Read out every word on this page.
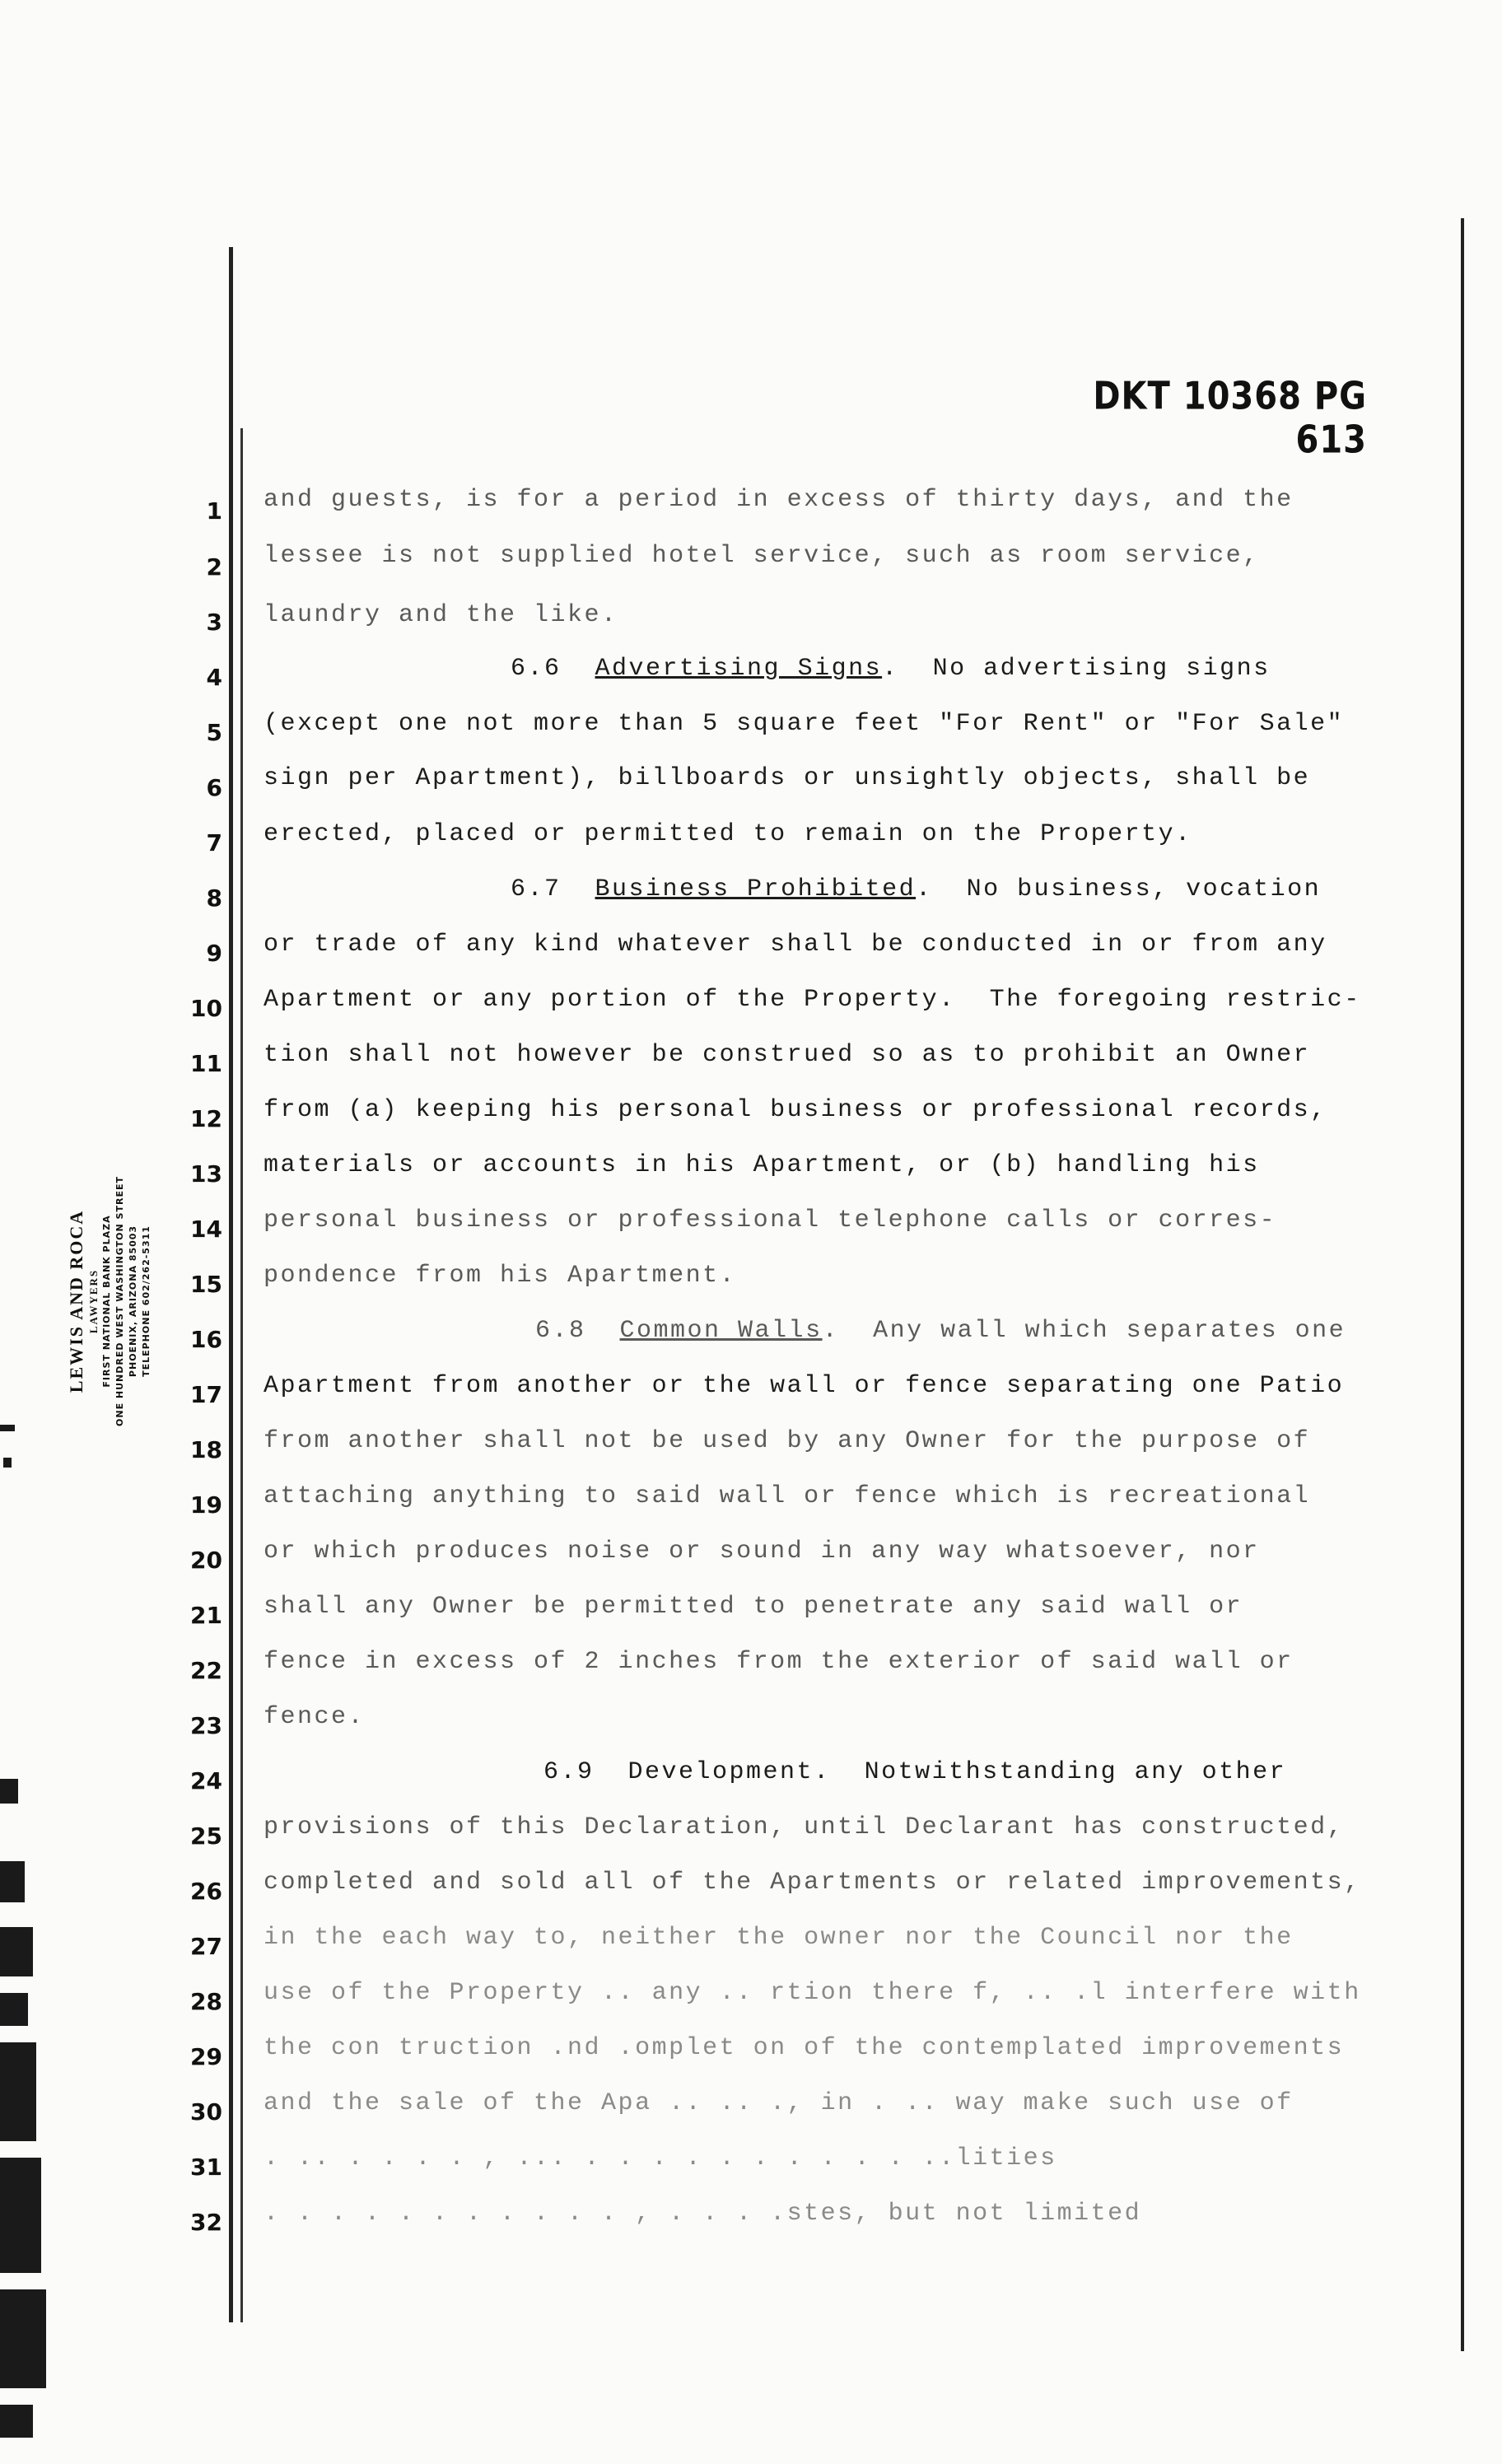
DKT 10368 PG 613
LEWIS AND ROCA LAWYERS FIRST NATIONAL BANK PLAZA ONE HUNDRED WEST WASHINGTON STREET PHOENIX, ARIZONA 85003 TELEPHONE 602/262-5311
1
2
3
4
5
6
7
8
9
10
11
12
13
14
15
16
17
18
19
20
21
22
23
24
25
26
27
28
29
30
31
32
and guests, is for a period in excess of thirty days, and the
lessee is not supplied hotel service, such as room service,
laundry and the like.
6.6 Advertising Signs.  No advertising signs
(except one not more than 5 square feet "For Rent" or "For Sale"
sign per Apartment), billboards or unsightly objects, shall be
erected, placed or permitted to remain on the Property.
6.7 Business Prohibited.  No business, vocation
or trade of any kind whatever shall be conducted in or from any
Apartment or any portion of the Property.  The foregoing restric-
tion shall not however be construed so as to prohibit an Owner
from (a) keeping his personal business or professional records,
materials or accounts in his Apartment, or (b) handling his
personal business or professional telephone calls or corres-
pondence from his Apartment.
6.8 Common Walls.  Any wall which separates one
Apartment from another or the wall or fence separating one Patio
from another shall not be used by any Owner for the purpose of
attaching anything to said wall or fence which is recreational
or which produces noise or sound in any way whatsoever, nor
shall any Owner be permitted to penetrate any said wall or
fence in excess of 2 inches from the exterior of said wall or
fence.
6.9 Development.  Notwithstanding any other
provisions of this Declaration, until Declarant has constructed,
completed and sold all of the Apartments or related improvements,
in the each way to, neither the owner nor the Council nor the
use of the Property .. any .. rtion there f, .. .l interfere with
the con truction .nd .omplet on of the contemplated improvements
and the sale of the Apa .. .. ., in . .. way make such use of
. .. . . . . , ... . . . . . . . . . . ..lities
. . . . . . . . . . . , . . . .stes, but not limited
